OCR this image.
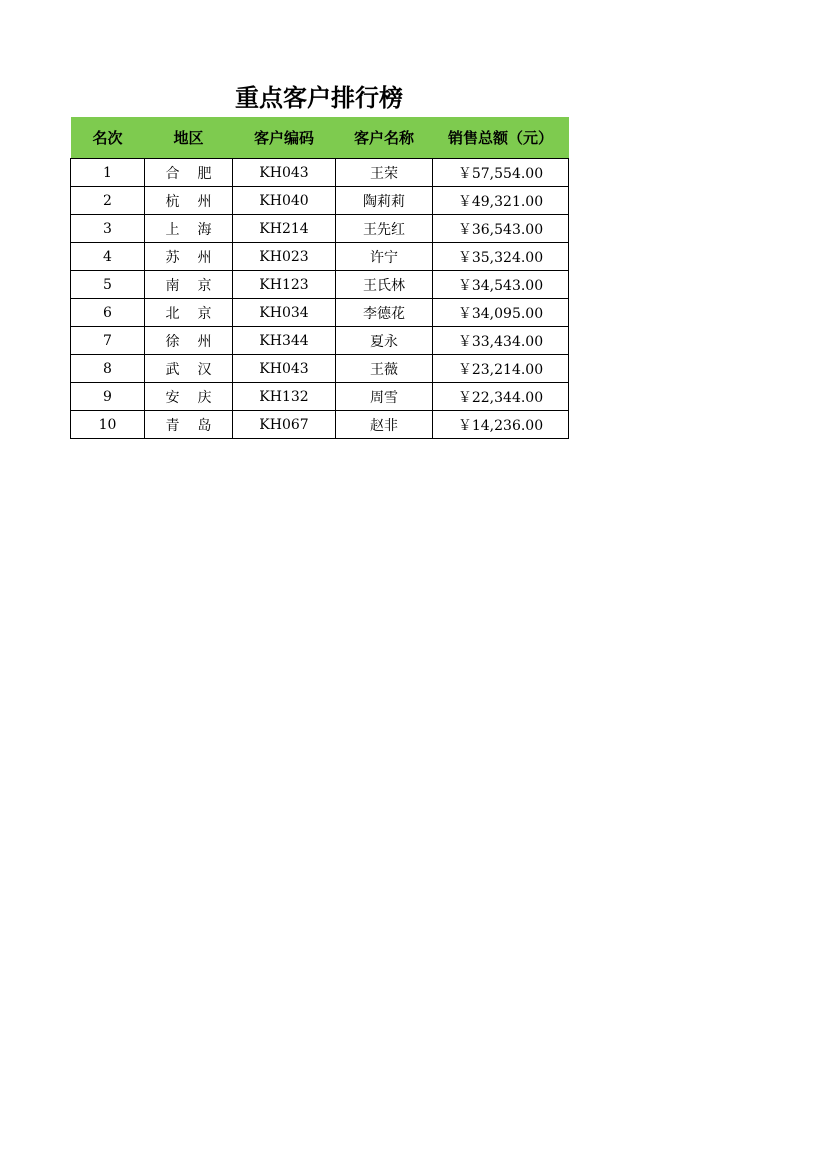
重点客户排行榜
名次	地区	客户编码	客户名称	销售总额（元）
1	合肥	KH043	王荣	￥57,554.00
2	杭州	KH040	陶莉莉	￥49,321.00
3	上海	KH214	王先红	￥36,543.00
4	苏州	KH023	许宁	￥35,324.00
5	南京	KH123	王氏林	￥34,543.00
6	北京	KH034	李德花	￥34,095.00
7	徐州	KH344	夏永	￥33,434.00
8	武汉	KH043	王薇	￥23,214.00
9	安庆	KH132	周雪	￥22,344.00
10	青岛	KH067	赵非	￥14,236.00
